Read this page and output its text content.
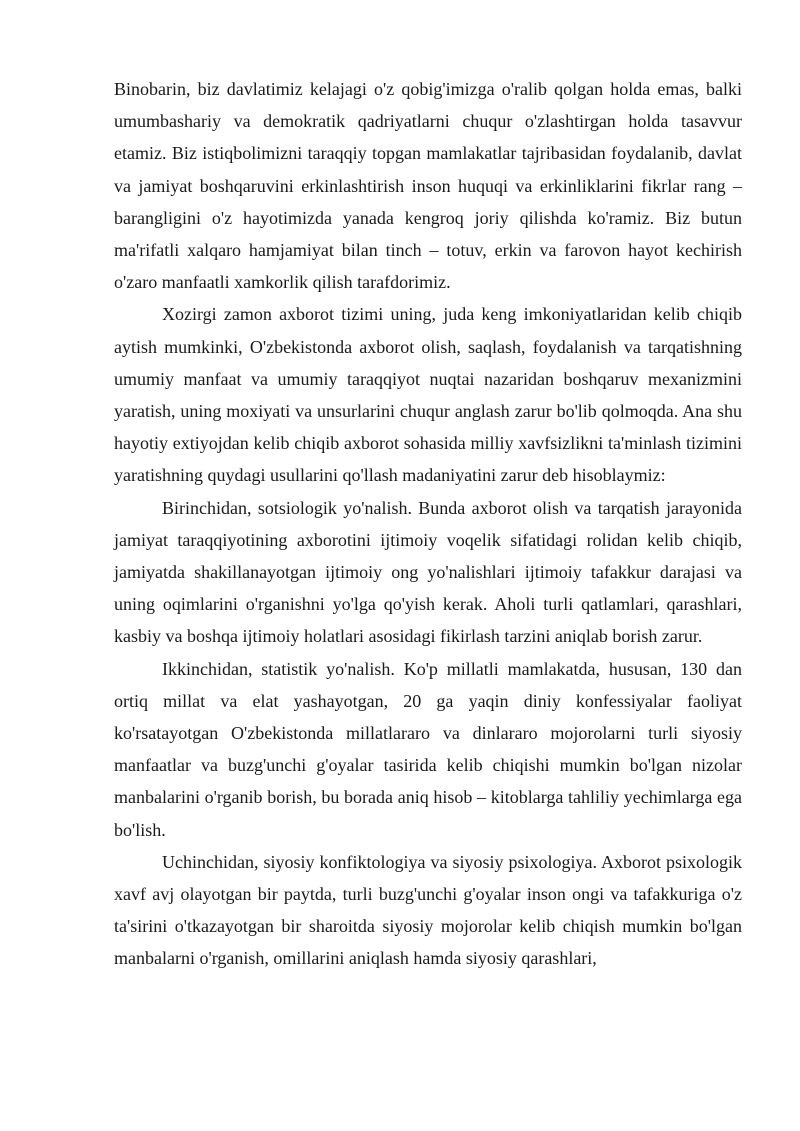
Binobarin, biz davlatimiz kelajagi o'z qobig'imizga o'ralib qolgan holda emas, balki umumbashariy va demokratik qadriyatlarni chuqur o'zlashtirgan holda tasavvur etamiz. Biz istiqbolimizni taraqqiy topgan mamlakatlar tajribasidan foydalanib, davlat va jamiyat boshqaruvini erkinlashtirish inson huquqi va erkinliklarini fikrlar rang – barangligini o'z hayotimizda yanada kengroq joriy qilishda ko'ramiz. Biz butun ma'rifatli xalqaro hamjamiyat bilan tinch – totuv, erkin va farovon hayot kechirish o'zaro manfaatli xamkorlik qilish tarafdorimiz.

Xozirgi zamon axborot tizimi uning, juda keng imkoniyatlaridan kelib chiqib aytish mumkinki, O'zbekistonda axborot olish, saqlash, foydalanish va tarqatishning umumiy manfaat va umumiy taraqqiyot nuqtai nazaridan boshqaruv mexanizmini yaratish, uning moxiyati va unsurlarini chuqur anglash zarur bo'lib qolmoqda. Ana shu hayotiy extiyojdan kelib chiqib axborot sohasida milliy xavfsizlikni ta'minlash tizimini yaratishning quydagi usullarini qo'llash madaniyatini zarur deb hisoblaymiz:

Birinchidan, sotsiologik yo'nalish. Bunda axborot olish va tarqatish jarayonida jamiyat taraqqiyotining axborotini ijtimoiy voqelik sifatidagi rolidan kelib chiqib, jamiyatda shakillanayotgan ijtimoiy ong yo'nalishlari ijtimoiy tafakkur darajasi va uning oqimlarini o'rganishni yo'lga qo'yish kerak. Aholi turli qatlamlari, qarashlari, kasbiy va boshqa ijtimoiy holatlari asosidagi fikirlash tarzini aniqlab borish zarur.

Ikkinchidan, statistik yo'nalish. Ko'p millatli mamlakatda, hususan, 130 dan ortiq millat va elat yashayotgan, 20 ga yaqin diniy konfessiyalar faoliyat ko'rsatayotgan O'zbekistonda millatlararo va dinlararo mojorolarni turli siyosiy manfaatlar va buzg'unchi g'oyalar tasirida kelib chiqishi mumkin bo'lgan nizolar manbalarini o'rganib borish, bu borada aniq hisob – kitoblarga tahliliy yechimlarga ega bo'lish.

Uchinchidan, siyosiy konfiktologiya va siyosiy psixologiya. Axborot psixologik xavf avj olayotgan bir paytda, turli buzg'unchi g'oyalar inson ongi va tafakkuriga o'z ta'sirini o'tkazayotgan bir sharoitda siyosiy mojorolar kelib chiqish mumkin bo'lgan manbalarni o'rganish, omillarini aniqlash hamda siyosiy qarashlari,
